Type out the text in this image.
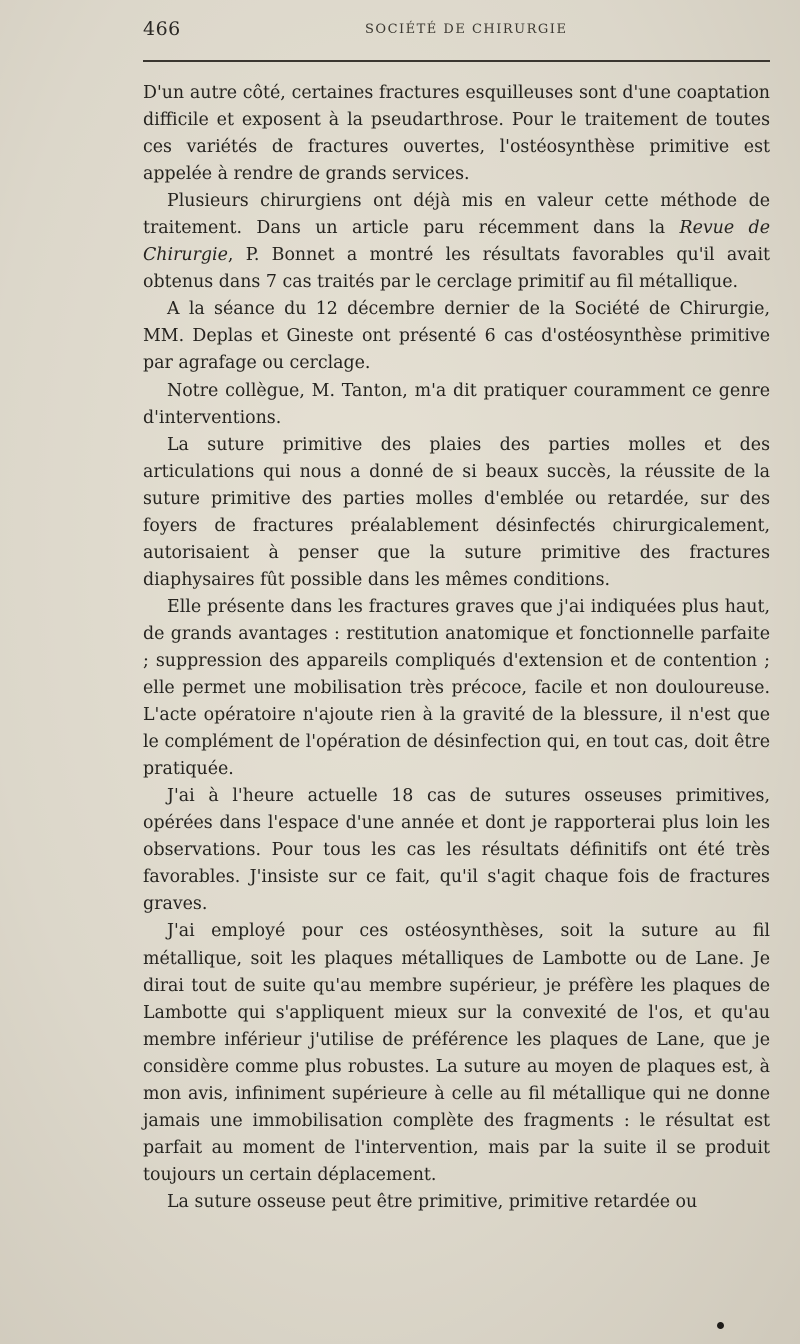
466	SOCIÉTÉ DE CHIRURGIE

D'un autre côté, certaines fractures esquilleuses sont d'une coaptation difficile et exposent à la pseudarthrose. Pour le traitement de toutes ces variétés de fractures ouvertes, l'ostéosynthèse primitive est appelée à rendre de grands services.

Plusieurs chirurgiens ont déjà mis en valeur cette méthode de traitement. Dans un article paru récemment dans la Revue de Chirurgie, P. Bonnet a montré les résultats favorables qu'il avait obtenus dans 7 cas traités par le cerclage primitif au fil métallique.

A la séance du 12 décembre dernier de la Société de Chirurgie, MM. Deplas et Gineste ont présenté 6 cas d'ostéosynthèse primitive par agrafage ou cerclage.

Notre collègue, M. Tanton, m'a dit pratiquer couramment ce genre d'interventions.

La suture primitive des plaies des parties molles et des articulations qui nous a donné de si beaux succès, la réussite de la suture primitive des parties molles d'emblée ou retardée, sur des foyers de fractures préalablement désinfectés chirurgicalement, autorisaient à penser que la suture primitive des fractures diaphysaires fût possible dans les mêmes conditions.

Elle présente dans les fractures graves que j'ai indiquées plus haut, de grands avantages : restitution anatomique et fonctionnelle parfaite ; suppression des appareils compliqués d'extension et de contention ; elle permet une mobilisation très précoce, facile et non douloureuse. L'acte opératoire n'ajoute rien à la gravité de la blessure, il n'est que le complément de l'opération de désinfection qui, en tout cas, doit être pratiquée.

J'ai à l'heure actuelle 18 cas de sutures osseuses primitives, opérées dans l'espace d'une année et dont je rapporterai plus loin les observations. Pour tous les cas les résultats définitifs ont été très favorables. J'insiste sur ce fait, qu'il s'agit chaque fois de fractures graves.

J'ai employé pour ces ostéosynthèses, soit la suture au fil métallique, soit les plaques métalliques de Lambotte ou de Lane. Je dirai tout de suite qu'au membre supérieur, je préfère les plaques de Lambotte qui s'appliquent mieux sur la convexité de l'os, et qu'au membre inférieur j'utilise de préférence les plaques de Lane, que je considère comme plus robustes. La suture au moyen de plaques est, à mon avis, infiniment supérieure à celle au fil métallique qui ne donne jamais une immobilisation complète des fragments : le résultat est parfait au moment de l'intervention, mais par la suite il se produit toujours un certain déplacement.

La suture osseuse peut être primitive, primitive retardée ou
